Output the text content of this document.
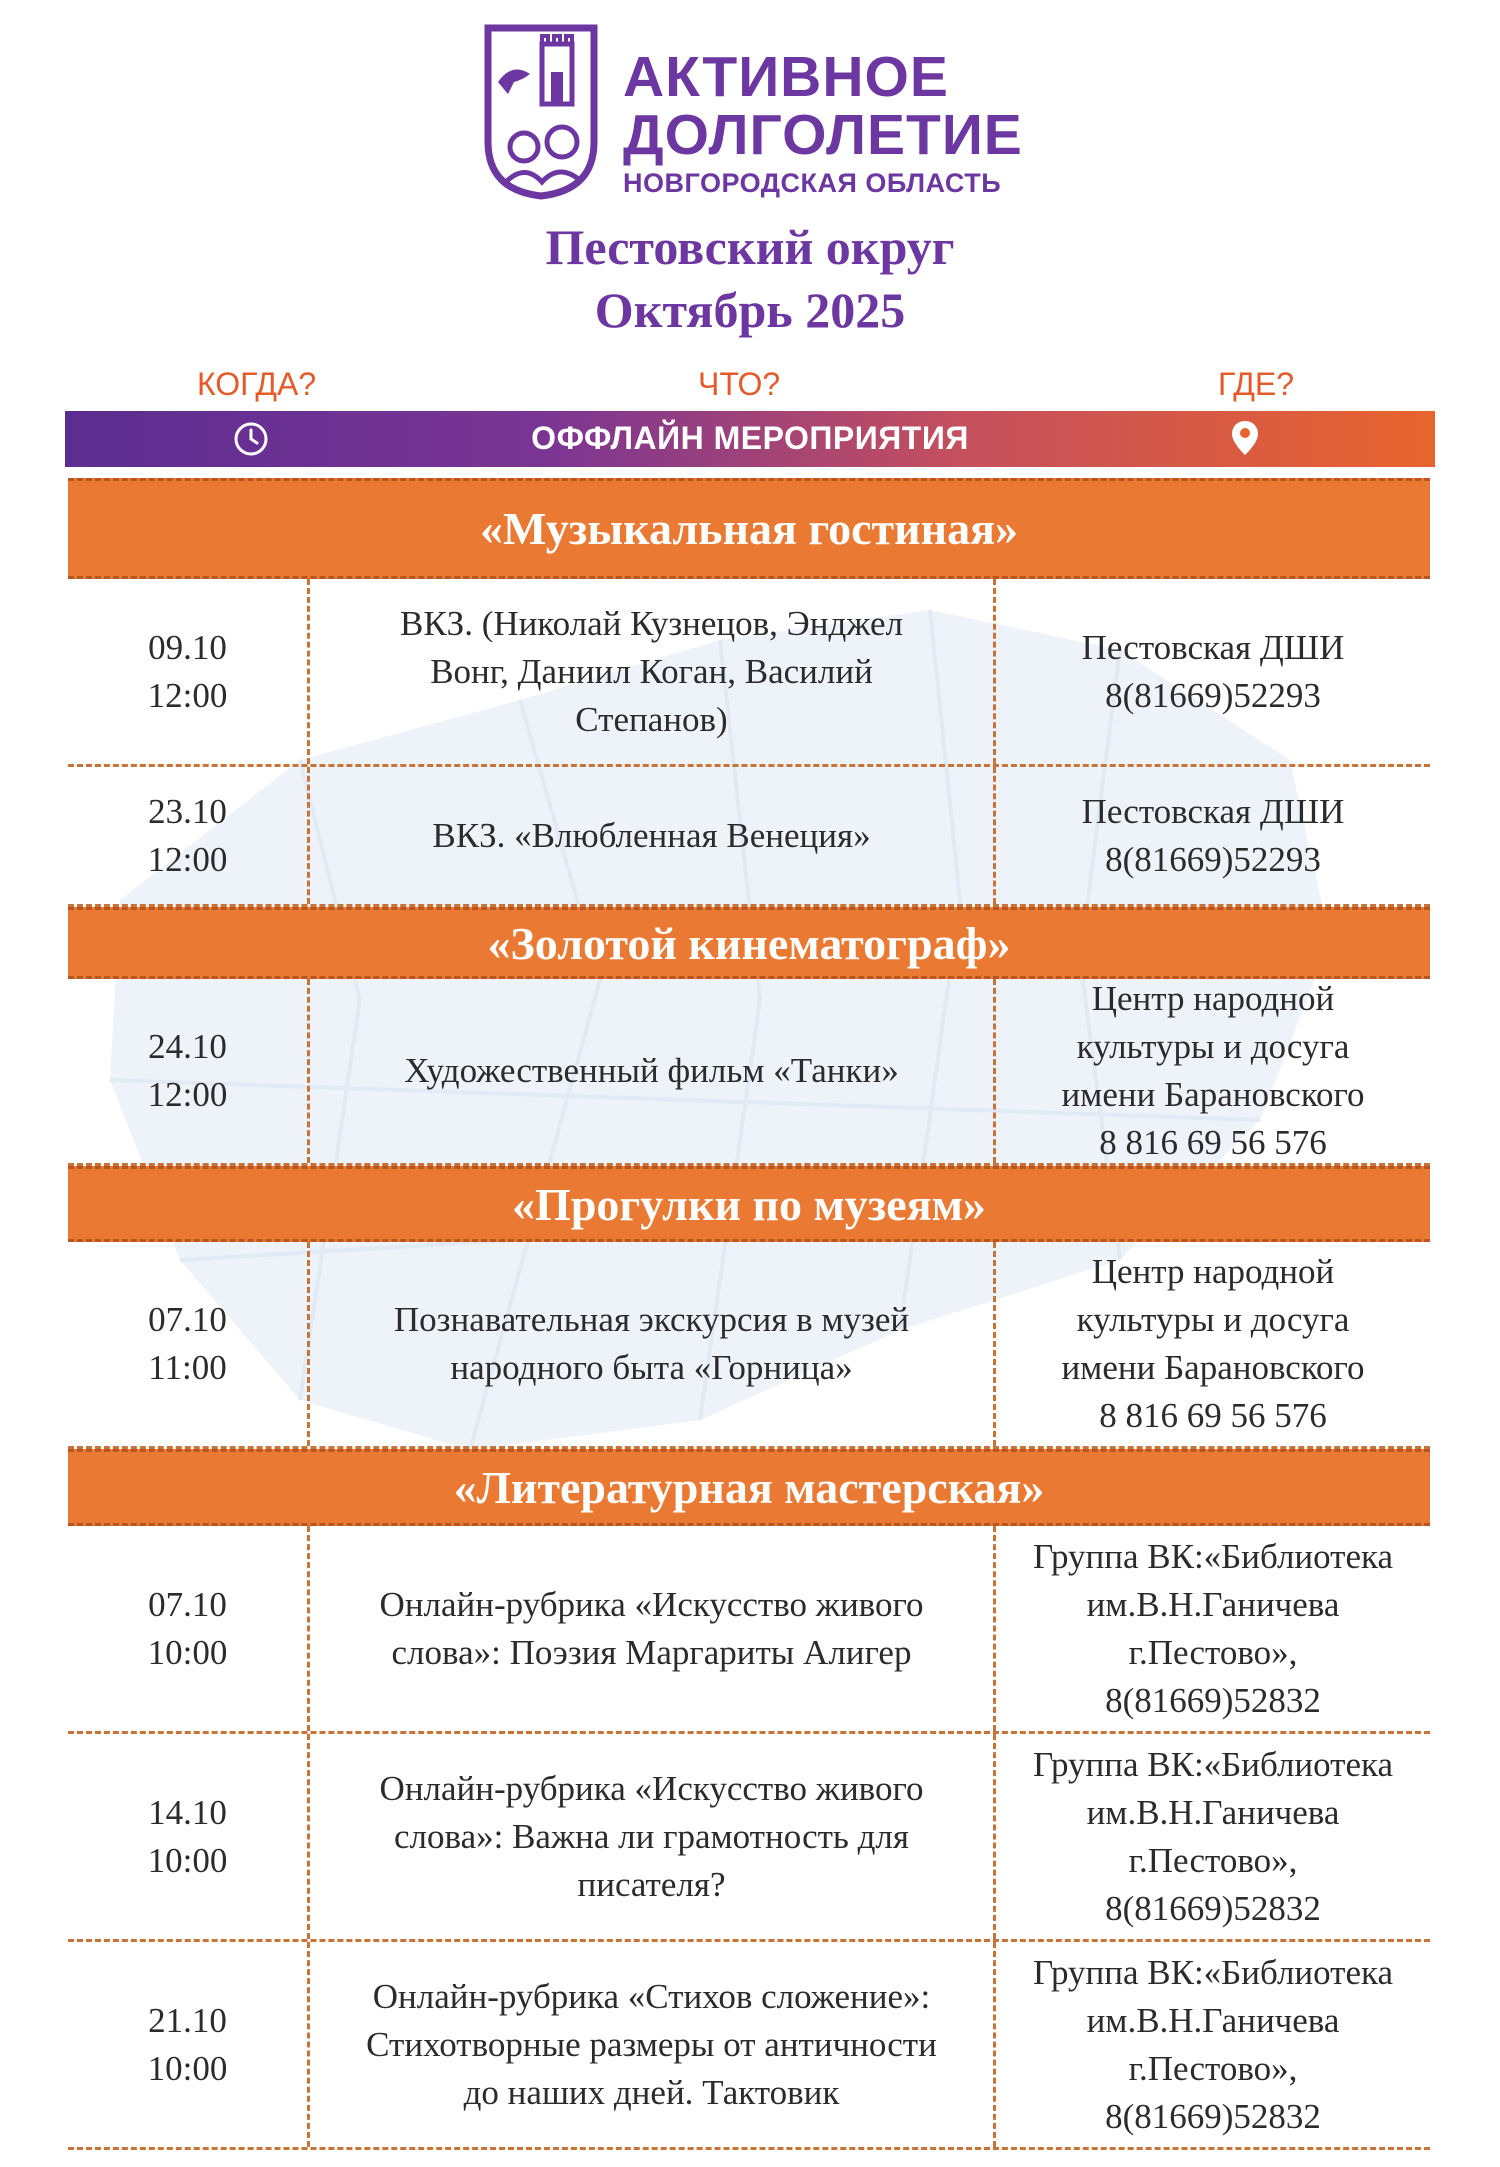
АКТИВНОЕ
ДОЛГОЛЕТИЕ
НОВГОРОДСКАЯ ОБЛАСТЬ
Пестовский округ
Октябрь 2025
КОГДА?	ЧТО?	ГДЕ?
ОФФЛАЙН МЕРОПРИЯТИЯ
«Музыкальная гостиная»
09.10
12:00
ВКЗ. (Николай Кузнецов, Энджел
Вонг, Даниил Коган, Василий
Степанов)
Пестовская ДШИ
8(81669)52293
23.10
12:00
ВКЗ. «Влюбленная Венеция»
Пестовская ДШИ
8(81669)52293
«Золотой кинематограф»
24.10
12:00
Художественный фильм «Танки»
Центр народной
культуры и досуга
имени Барановского
8 816 69 56 576
«Прогулки по музеям»
07.10
11:00
Познавательная экскурсия в музей
народного быта «Горница»
Центр народной
культуры и досуга
имени Барановского
8 816 69 56 576
«Литературная мастерская»
07.10
10:00
Онлайн-рубрика «Искусство живого
слова»: Поэзия Маргариты Алигер
Группа ВК:«Библиотека
им.В.Н.Ганичева
г.Пестово»,
8(81669)52832
14.10
10:00
Онлайн-рубрика «Искусство живого
слова»: Важна ли грамотность для
писателя?
Группа ВК:«Библиотека
им.В.Н.Ганичева
г.Пестово»,
8(81669)52832
21.10
10:00
Онлайн-рубрика «Стихов сложение»:
Стихотворные размеры от античности
до наших дней. Тактовик
Группа ВК:«Библиотека
им.В.Н.Ганичева
г.Пестово»,
8(81669)52832
